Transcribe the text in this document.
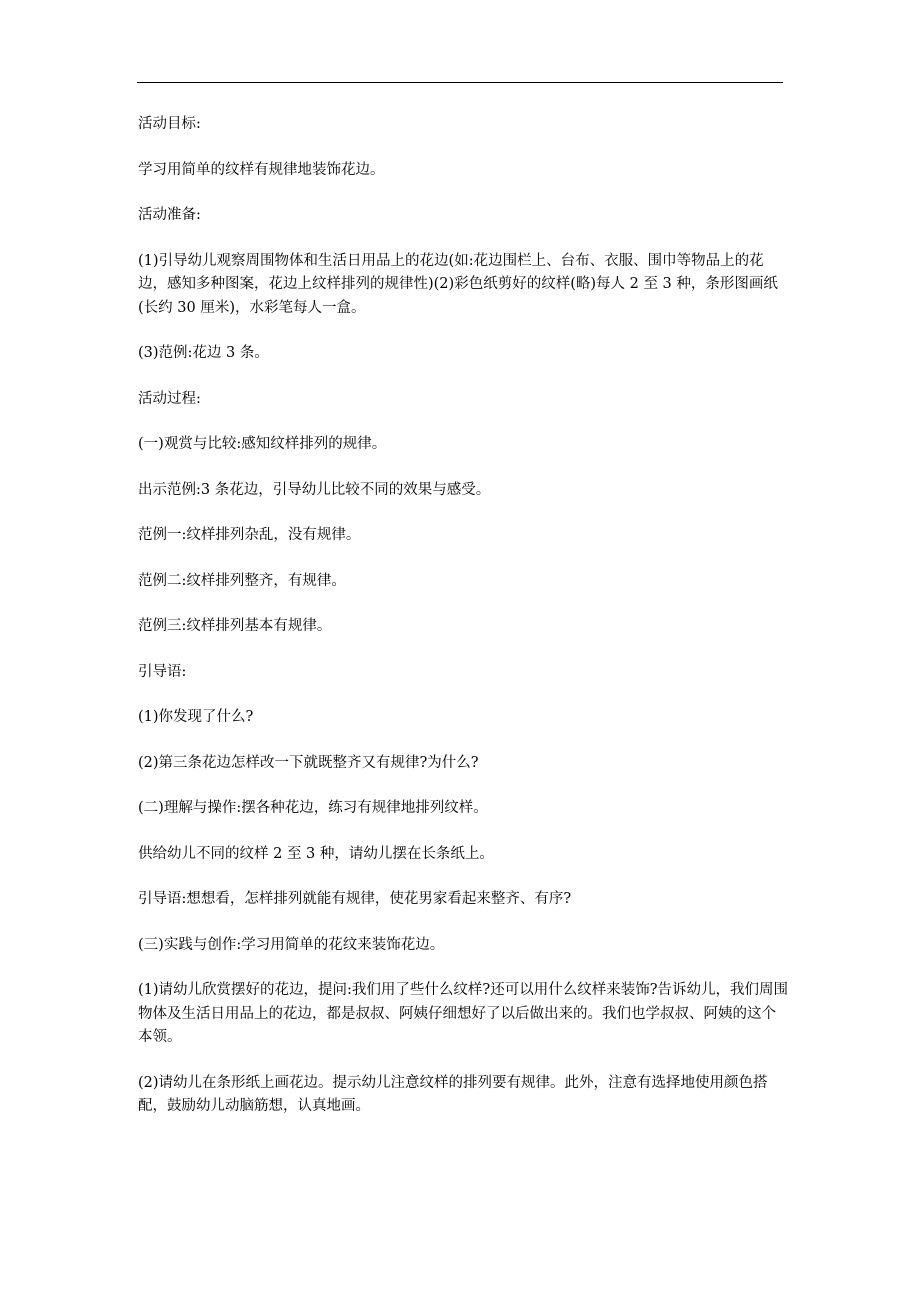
活动目标:

学习用简单的纹样有规律地装饰花边。

活动准备:

(1)引导幼儿观察周围物体和生活日用品上的花边(如:花边围栏上、台布、衣服、围巾等物品上的花边，感知多种图案，花边上纹样排列的规律性)(2)彩色纸剪好的纹样(略)每人 2 至 3 种，条形图画纸(长约 30 厘米)，水彩笔每人一盒。

(3)范例:花边 3 条。

活动过程:

(一)观赏与比较:感知纹样排列的规律。

出示范例:3 条花边，引导幼儿比较不同的效果与感受。

范例一:纹样排列杂乱，没有规律。

范例二:纹样排列整齐，有规律。

范例三:纹样排列基本有规律。

引导语:

(1)你发现了什么?

(2)第三条花边怎样改一下就既整齐又有规律?为什么?

(二)理解与操作:摆各种花边，练习有规律地排列纹样。

供给幼儿不同的纹样 2 至 3 种，请幼儿摆在长条纸上。

引导语:想想看，怎样排列就能有规律，使花男家看起来整齐、有序?

(三)实践与创作:学习用简单的花纹来装饰花边。

(1)请幼儿欣赏摆好的花边，提问:我们用了些什么纹样?还可以用什么纹样来装饰?告诉幼儿，我们周围物体及生活日用品上的花边，都是叔叔、阿姨仔细想好了以后做出来的。我们也学叔叔、阿姨的这个本领。

(2)请幼儿在条形纸上画花边。提示幼儿注意纹样的排列要有规律。此外，注意有选择地使用颜色搭配，鼓励幼儿动脑筋想，认真地画。
